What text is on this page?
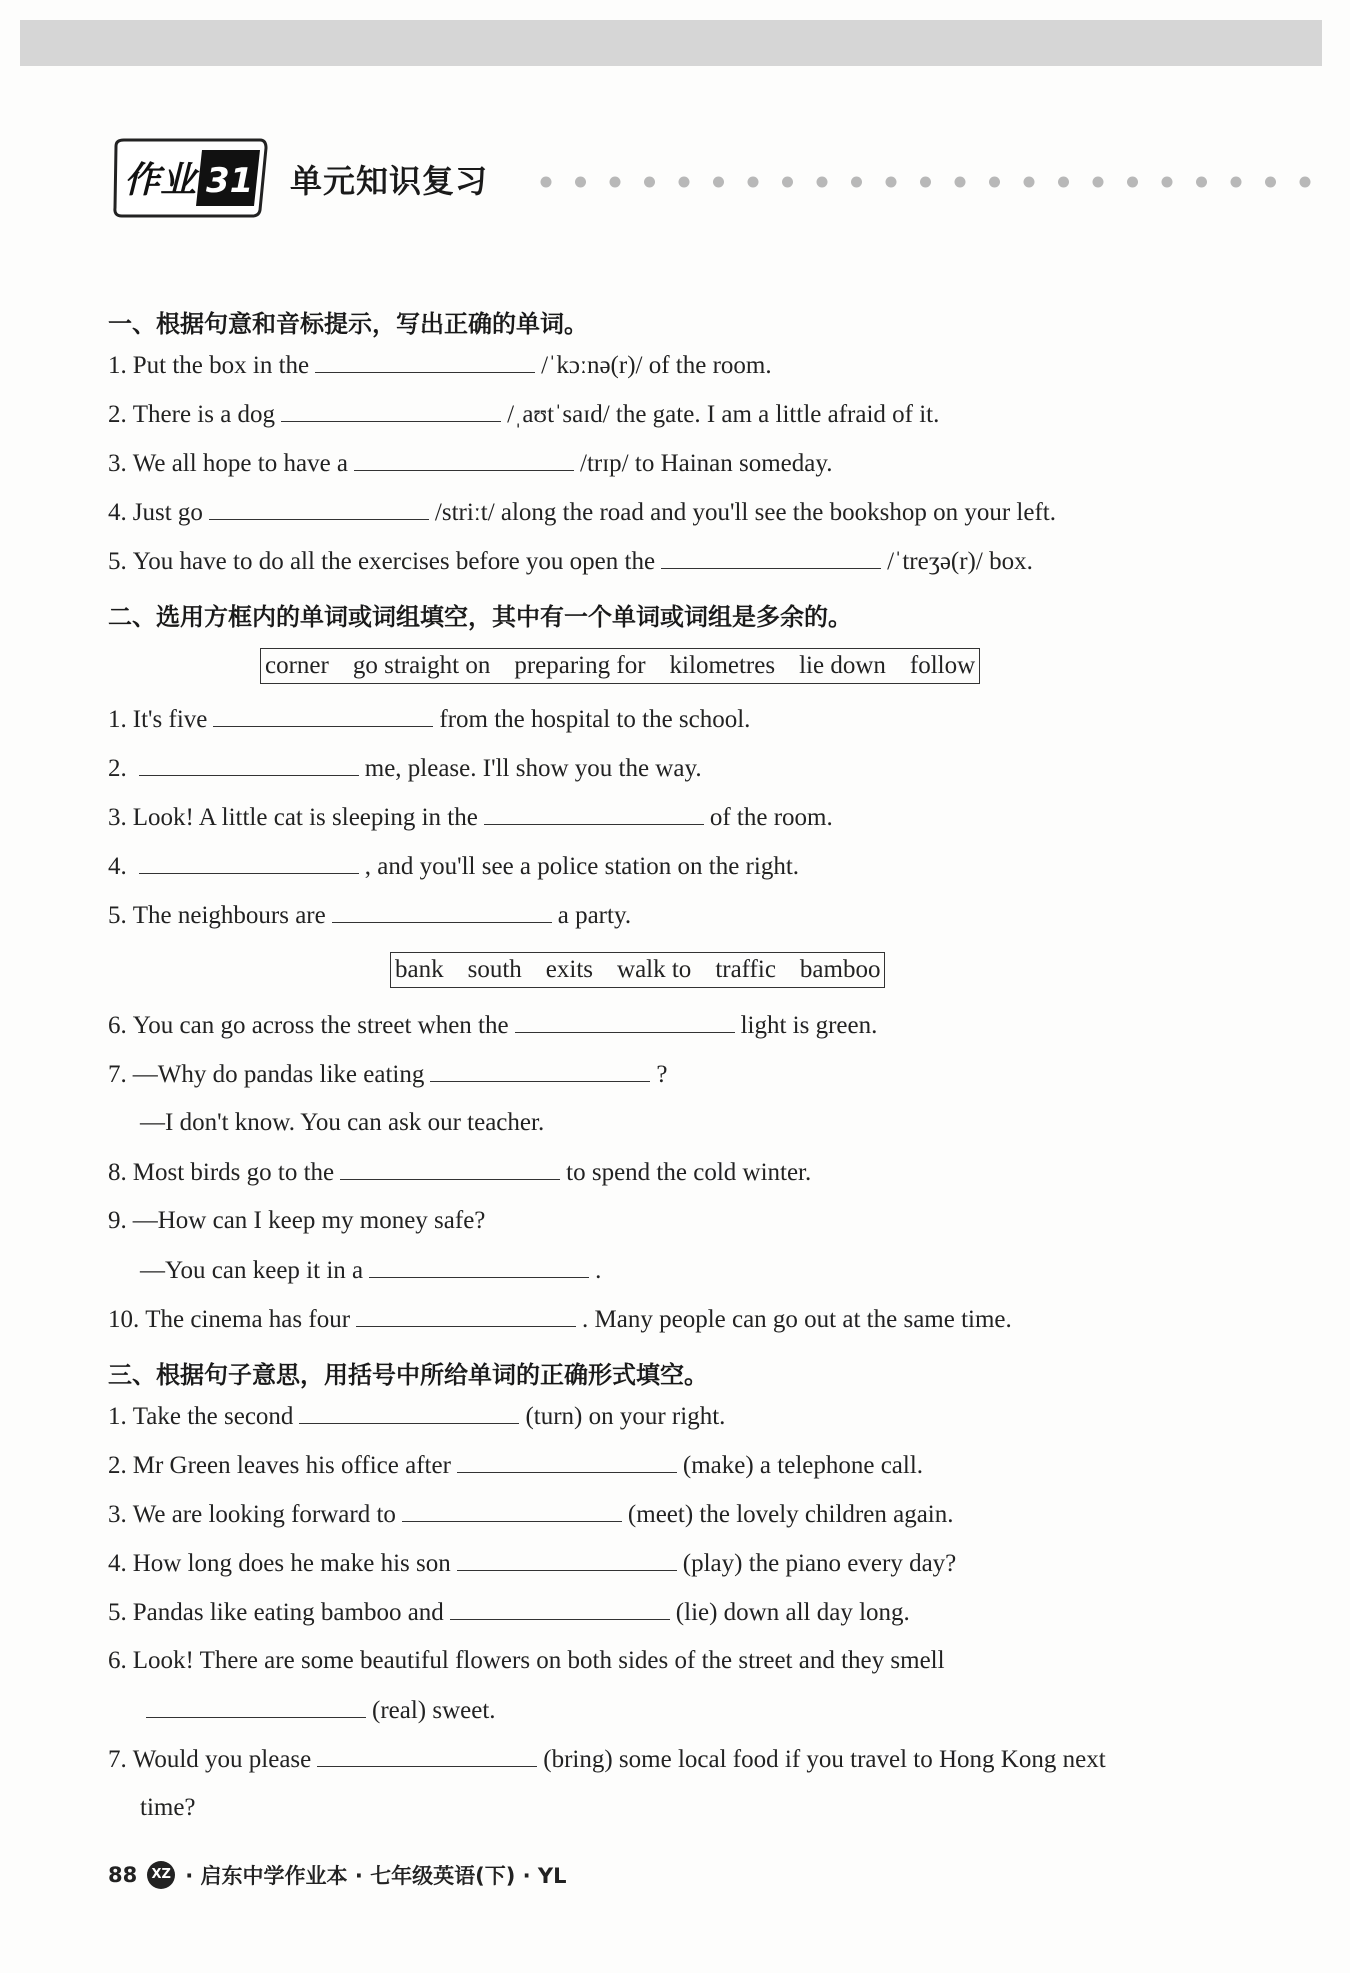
作业 31 单元知识复习
一、根据句意和音标提示，写出正确的单词。
1. Put the box in the	/ˈkɔːnə(r)/ of the room.
2. There is a dog	/ˌaʊtˈsaɪd/ the gate. I am a little afraid of it.
3. We all hope to have a	/trɪp/ to Hainan someday.
4. Just go	/striːt/ along the road and you'll see the bookshop on your left.
5. You have to do all the exercises before you open the	/ˈtreʒə(r)/ box.
二、选用方框内的单词或词组填空，其中有一个单词或词组是多余的。
corner go straight on preparing for kilometres lie down follow
1. It's five	from the hospital to the school.
2.	me, please. I'll show you the way.
3. Look! A little cat is sleeping in the	of the room.
4.	, and you'll see a police station on the right.
5. The neighbours are	a party.
bank south exits walk to traffic bamboo
6. You can go across the street when the	light is green.
7. —Why do pandas like eating	?
—I don't know. You can ask our teacher.
8. Most birds go to the	to spend the cold winter.
9. —How can I keep my money safe?
—You can keep it in a	.
10. The cinema has four	. Many people can go out at the same time.
三、根据句子意思，用括号中所给单词的正确形式填空。
1. Take the second	(turn) on your right.
2. Mr Green leaves his office after	(make) a telephone call.
3. We are looking forward to	(meet) the lovely children again.
4. How long does he make his son	(play) the piano every day?
5. Pandas like eating bamboo and	(lie) down all day long.
6. Look! There are some beautiful flowers on both sides of the street and they smell
(real) sweet.
7. Would you please	(bring) some local food if you travel to Hong Kong next
time?
88	XZ · 启东中学作业本 · 七年级英语(下) · YL
